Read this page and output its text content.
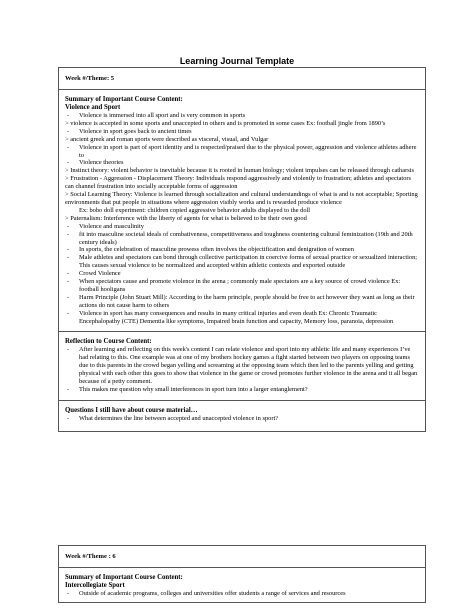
Learning Journal Template
Week #/Theme: 5
Summary of Important Course Content:
Violence and Sport
-	Violence is immersed into all sport and is very common in sports
> violence is accepted in some sports and unaccepted in others and is promoted in some cases Ex: football jingle from 1890’s
-	Violence in sport goes back to ancient times
> ancient greek and roman sports were described as visceral, visual, and Vulgar
-	Violence in sport is part of sport identity and is respected/praised due to the physical power, aggression and violence athletes adhere to
-	Violence theories
> Instinct theory: violent behavior is inevitable because it is rooted in human biology; violent impulses can be released through catharsis
> Frustration - Aggression - Displacement Theory: Individuals respond aggressively and violently to frustration; athletes and spectators can channel frustration into socially acceptable forms of aggression
> Social Learning Theory: Violence is learned through socialization and cultural understandings of what is and is not acceptable; Sporting environments that put people in situations where aggression visibly works and is rewarded produce violence
Ex: bobo doll experiment: children copied aggressive behavior adults displayed to the doll
> Paternalism: Interference with the liberty of agents for what is believed to be their own good
-	Violence and masculinity
-	fit into masculine societal ideals of combativeness, competitiveness and toughness countering cultural feminization (19th and 20th century ideals)
-	In sports, the celebration of masculine prowess often involves the objectification and denigration of women
-	Male athletes and spectators can bond through collective participation in coercive forms of sexual practice or sexualized interaction; This causes sexual violence to be normalized and accepted within athletic contexts and exported outside
-	Crowd Violence
-	When spectators cause and promote violence in the arena ; commonly male spectators are a key source of crowd violence Ex: football hooligans
-	Harm Principle (John Stuart Mill): According to the harm principle, people should be free to act however they want as long as their actions do not cause harm to others
-	Violence in sport has many consequences and results in many critical injuries and even death Ex: Chronic Traumatic Encephalopathy (CTE) Dementia like symptoms, Impaired brain function and capacity, Memory loss, paranoia, depression
Reflection to Course Content:
-	After learning and reflecting on this week's content I can relate violence and sport into my athletic life and many experiences I’ve had relating to this. One example was at one of my brothers hockey games a fight started between two players on opposing teams due to this parents in the crowd began yelling and screaming at the opposing team which then led to the parents yelling and getting physical with each other this goes to show that violence in the game or crowd promotes further violence in the arena and it all began because of a petty comment.
-	This makes me question why small interferences in sport turn into a larger entanglement?
Questions I still have about course material…
-	What determines the line between accepted and unaccepted violence in sport?
Week #/Theme : 6
Summary of Important Course Content:
Intercollegiate Sport
-	Outside of academic programs, colleges and universities offer students a range of services and resources
